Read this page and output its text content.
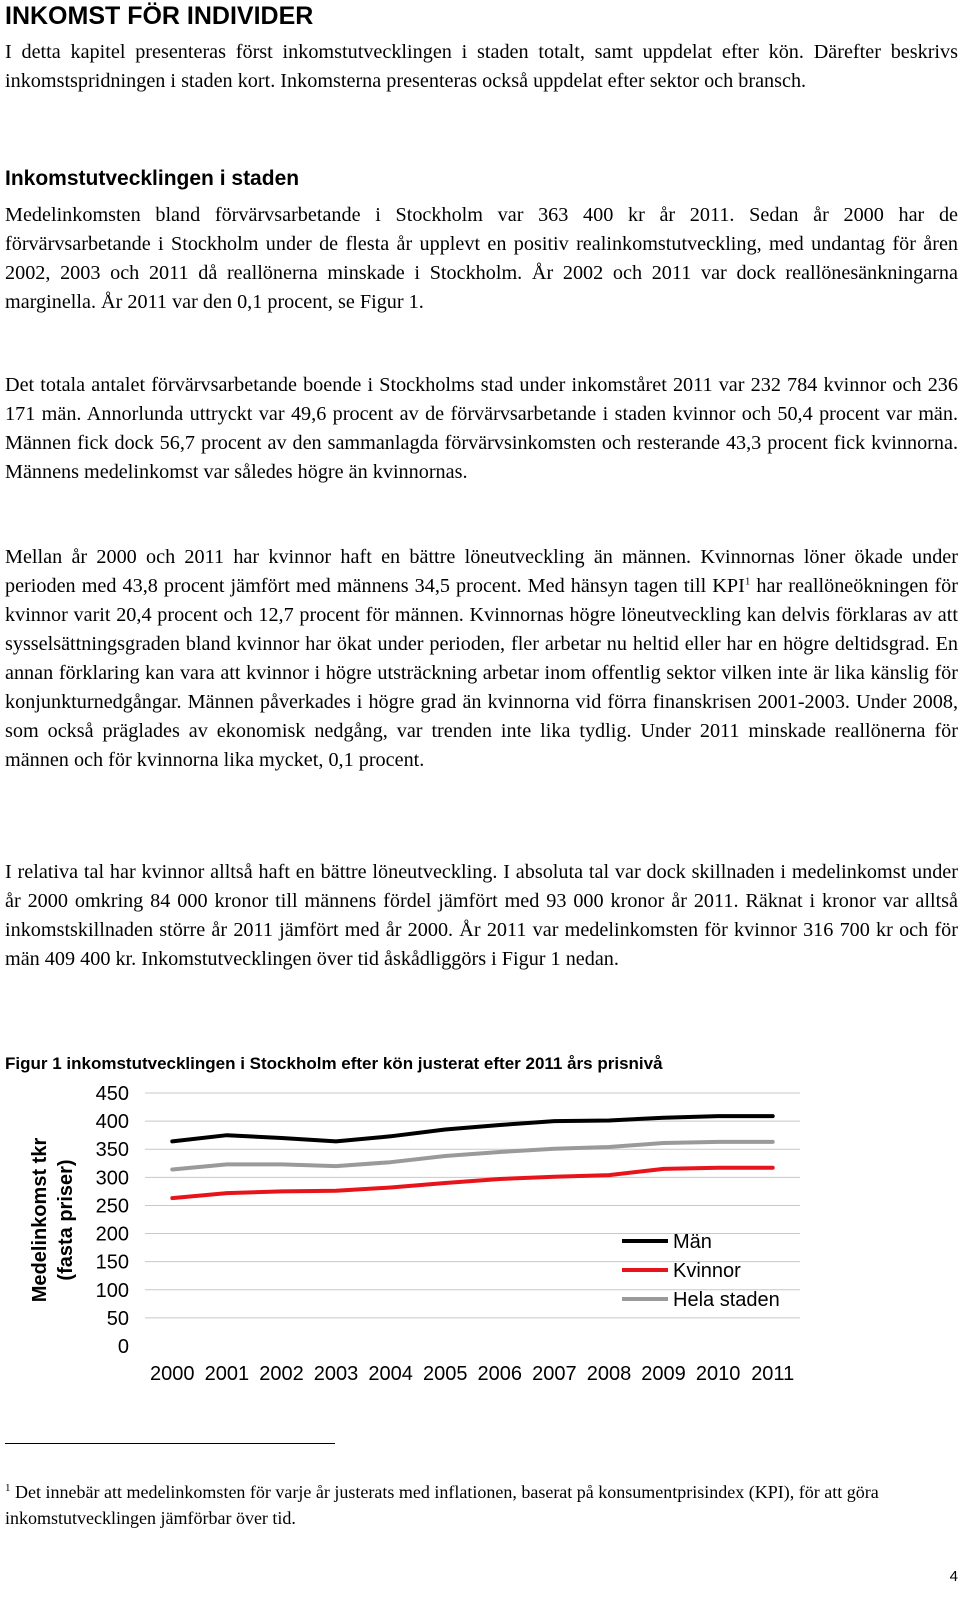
INKOMST FÖR INDIVIDER

I detta kapitel presenteras först inkomstutvecklingen i staden totalt, samt uppdelat efter kön. Därefter beskrivs inkomstspridningen i staden kort. Inkomsterna presenteras också uppdelat efter sektor och bransch.

Inkomstutvecklingen i staden

Medelinkomsten bland förvärvsarbetande i Stockholm var 363 400 kr år 2011. Sedan år 2000 har de förvärvsarbetande i Stockholm under de flesta år upplevt en positiv realinkomstutveckling, med undantag för åren 2002, 2003 och 2011 då reallönerna minskade i Stockholm. År 2002 och 2011 var dock reallönesänkningarna marginella. År 2011 var den 0,1 procent, se Figur 1.

Det totala antalet förvärvsarbetande boende i Stockholms stad under inkomståret 2011 var 232 784 kvinnor och 236 171 män. Annorlunda uttryckt var 49,6 procent av de förvärvsarbetande i staden kvinnor och 50,4 procent var män. Männen fick dock 56,7 procent av den sammanlagda förvärvsinkomsten och resterande 43,3 procent fick kvinnorna. Männens medelinkomst var således högre än kvinnornas.

Mellan år 2000 och 2011 har kvinnor haft en bättre löneutveckling än männen. Kvinnornas löner ökade under perioden med 43,8 procent jämfört med männens 34,5 procent. Med hänsyn tagen till KPI$^1$ har reallöneökningen för kvinnor varit 20,4 procent och 12,7 procent för männen. Kvinnornas högre löneutveckling kan delvis förklaras av att sysselsättningsgraden bland kvinnor har ökat under perioden, fler arbetar nu heltid eller har en högre deltidsgrad. En annan förklaring kan vara att kvinnor i högre utsträckning arbetar inom offentlig sektor vilken inte är lika känslig för konjunkturnedgångar. Männen påverkades i högre grad än kvinnorna vid förra finanskrisen 2001-2003. Under 2008, som också präglades av ekonomisk nedgång, var trenden inte lika tydlig. Under 2011 minskade reallönerna för männen och för kvinnorna lika mycket, 0,1 procent.

I relativa tal har kvinnor alltså haft en bättre löneutveckling. I absoluta tal var dock skillnaden i medelinkomst under år 2000 omkring 84 000 kronor till männens fördel jämfört med 93 000 kronor år 2011. Räknat i kronor var alltså inkomstskillnaden större år 2011 jämfört med år 2000. År 2011 var medelinkomsten för kvinnor 316 700 kr och för män 409 400 kr. Inkomstutvecklingen över tid åskådliggörs i Figur 1 nedan.

Figur 1 inkomstutvecklingen i Stockholm efter kön justerat efter 2011 års prisnivå
0
50
100
150
200
250
300
350
400
450
2000 2001 2002 2003 2004 2005 2006 2007 2008 2009 2010 2011
Män
Kvinnor
Hela staden
Medelinkomst tkr (fasta priser)

$^1$ Det innebär att medelinkomsten för varje år justerats med inflationen, baserat på konsumentprisindex (KPI), för att göra inkomstutvecklingen jämförbar över tid.

4
